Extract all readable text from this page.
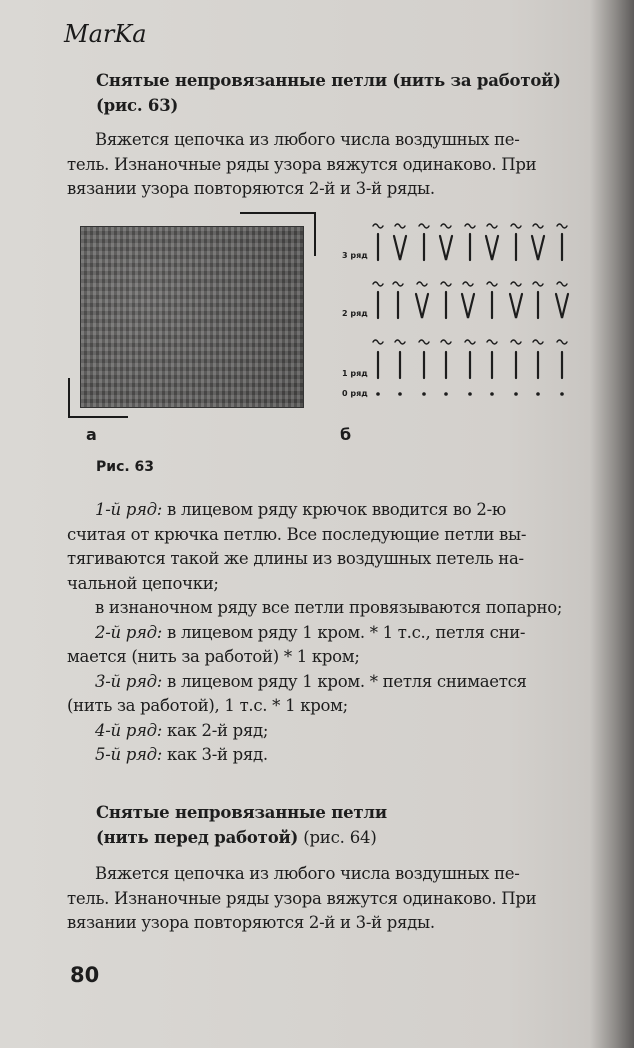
MarKa
Снятые непровязанные петли (нить за работой)
(рис. 63)
Вяжется цепочка из любого числа воздушных пе-
тель. Изнаночные ряды узора вяжутся одинаково. При
вязании узора повторяются 2-й и 3-й ряды.
а
3 ряд
2 ряд
1 ряд
0 ряд
б
Рис. 63
1-й ряд: в лицевом ряду крючок вводится во 2-ю
считая от крючка петлю. Все последующие петли вы-
тягиваются такой же длины из воздушных петель на-
чальной цепочки;
в изнаночном ряду все петли провязываются попарно;
2-й ряд: в лицевом ряду 1 кром. * 1 т.с., петля сни-
мается (нить за работой) * 1 кром;
3-й ряд: в лицевом ряду 1 кром. * петля снимается
(нить за работой), 1 т.с. * 1 кром;
4-й ряд: как 2-й ряд;
5-й ряд: как 3-й ряд.
Снятые непровязанные петли
(нить перед работой) (рис. 64)
Вяжется цепочка из любого числа воздушных пе-
тель. Изнаночные ряды узора вяжутся одинаково. При
вязании узора повторяются 2-й и 3-й ряды.
80
